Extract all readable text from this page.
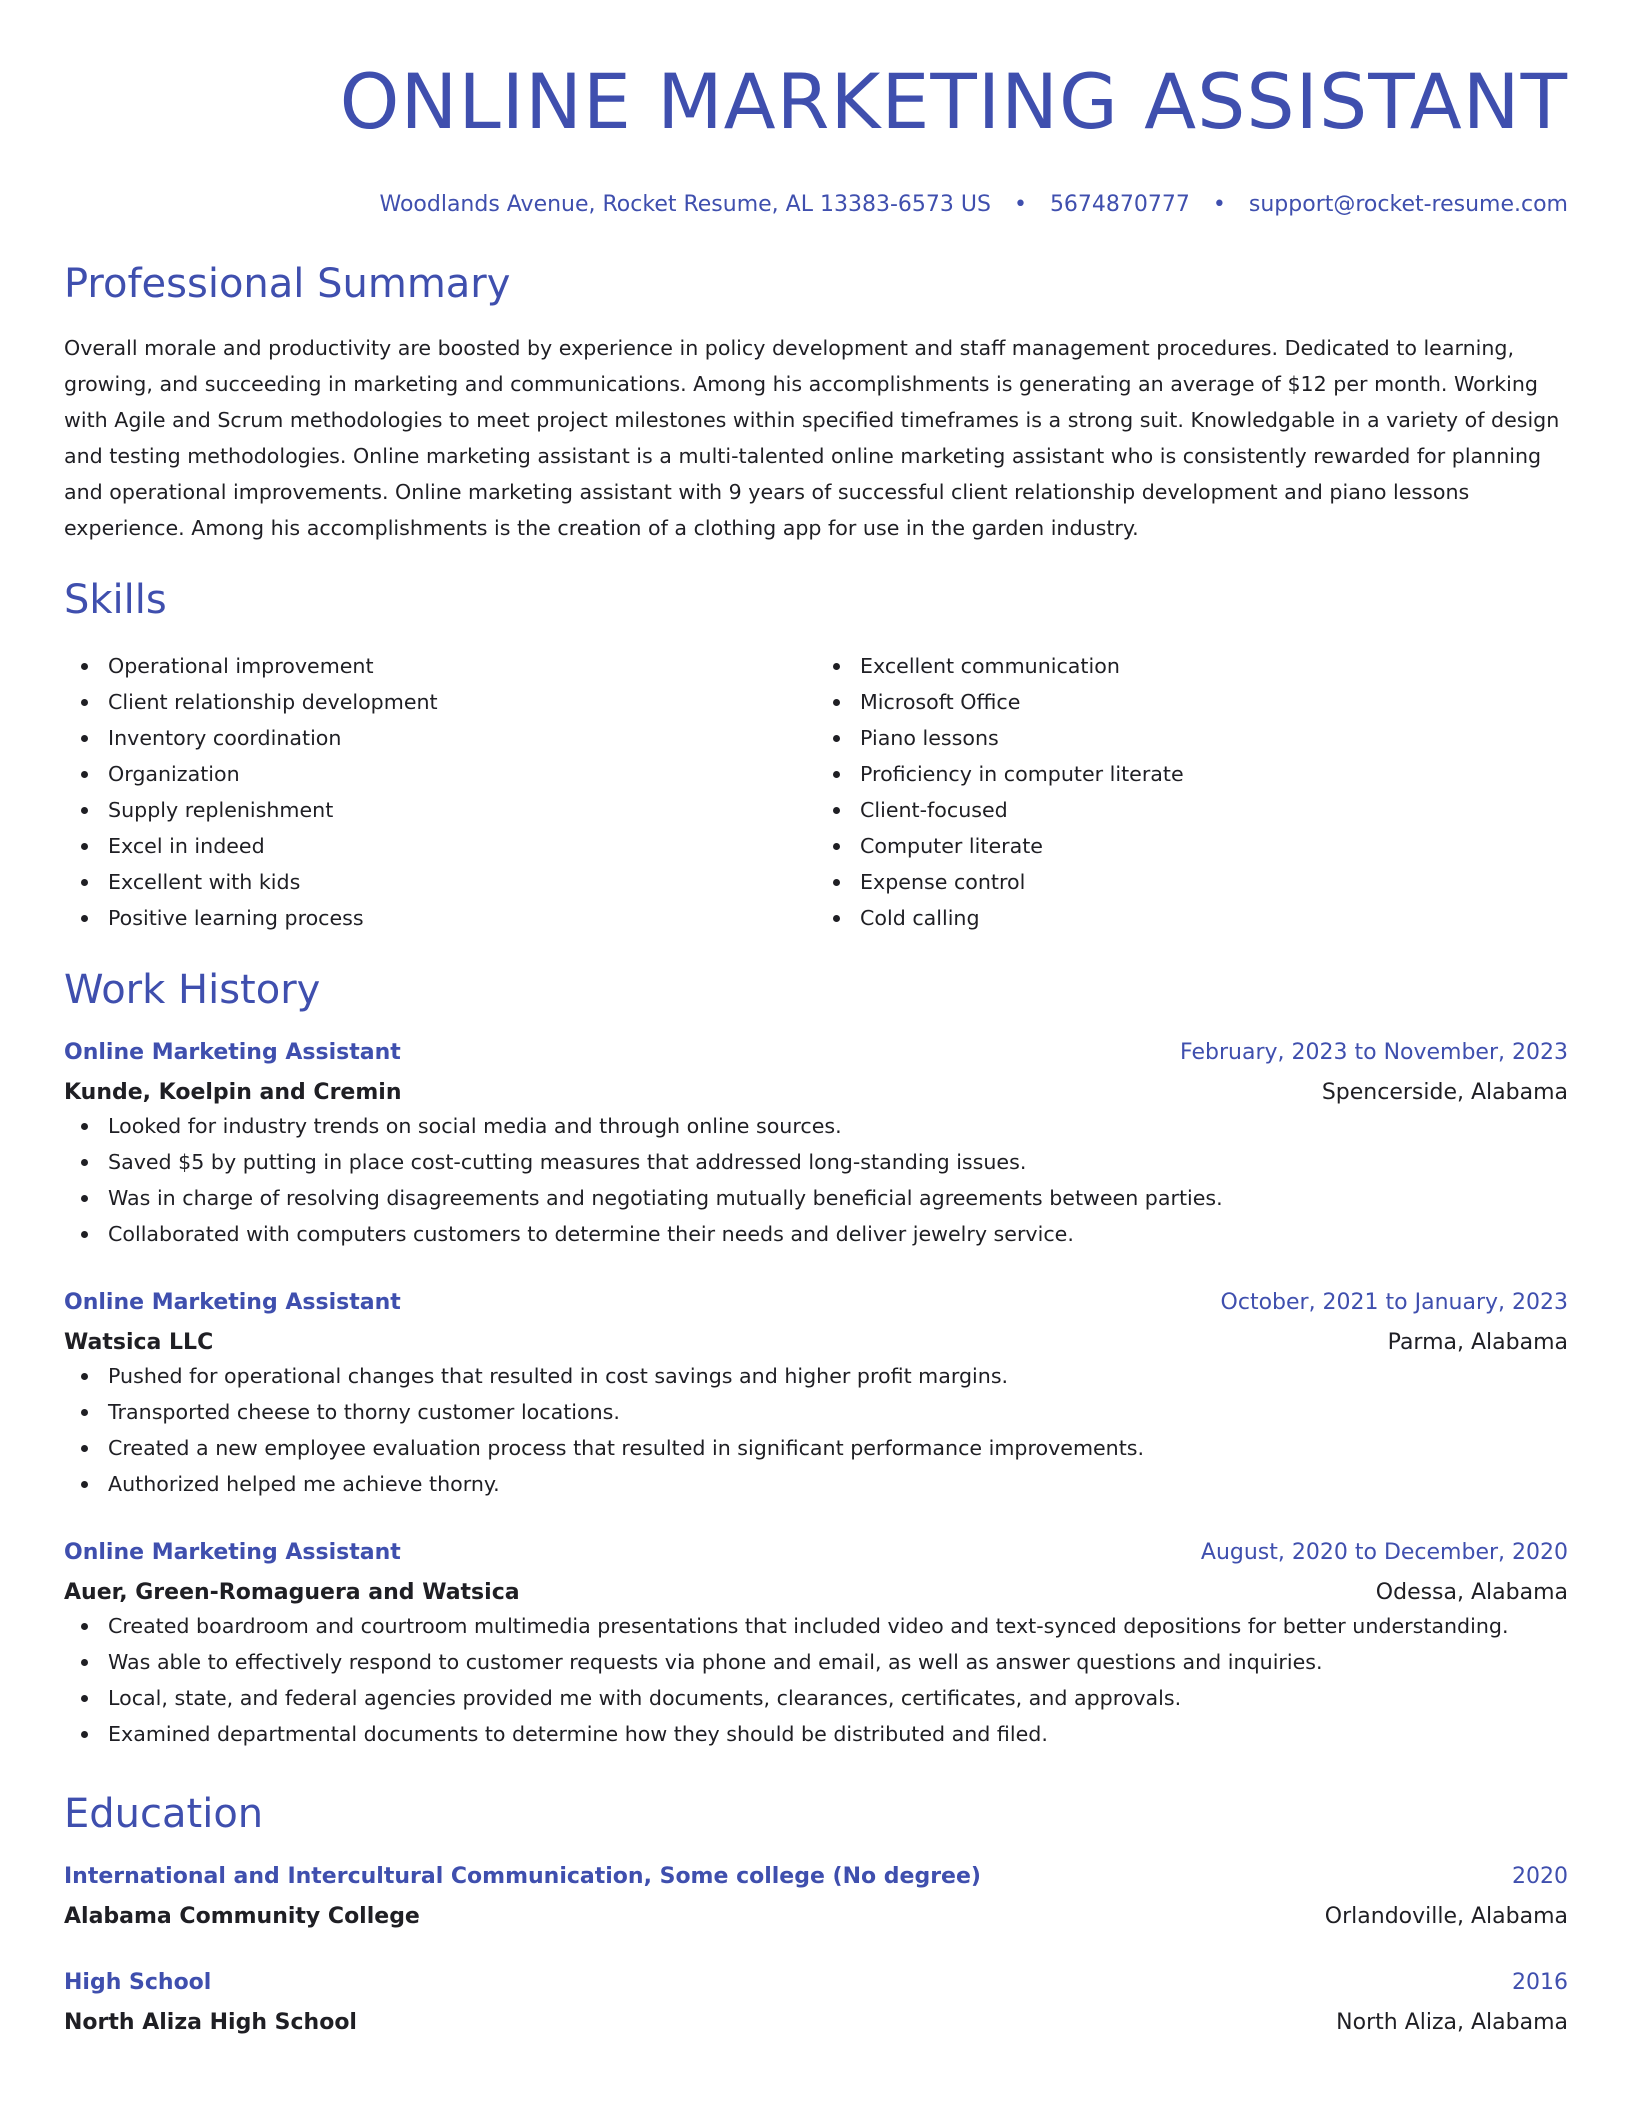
ONLINE MARKETING ASSISTANT
Woodlands Avenue, Rocket Resume, AL 13383-6573 US • 5674870777 • support@rocket-resume.com
Professional Summary
Overall morale and productivity are boosted by experience in policy development and staff management procedures. Dedicated to learning, growing, and succeeding in marketing and communications. Among his accomplishments is generating an average of $12 per month. Working with Agile and Scrum methodologies to meet project milestones within specified timeframes is a strong suit. Knowledgable in a variety of design and testing methodologies. Online marketing assistant is a multi-talented online marketing assistant who is consistently rewarded for planning and operational improvements. Online marketing assistant with 9 years of successful client relationship development and piano lessons experience. Among his accomplishments is the creation of a clothing app for use in the garden industry.
Skills
Operational improvement
Client relationship development
Inventory coordination
Organization
Supply replenishment
Excel in indeed
Excellent with kids
Positive learning process
Excellent communication
Microsoft Office
Piano lessons
Proficiency in computer literate
Client-focused
Computer literate
Expense control
Cold calling
Work History
Online Marketing Assistant	February, 2023 to November, 2023
Kunde, Koelpin and Cremin	Spencerside, Alabama
Looked for industry trends on social media and through online sources.
Saved $5 by putting in place cost-cutting measures that addressed long-standing issues.
Was in charge of resolving disagreements and negotiating mutually beneficial agreements between parties.
Collaborated with computers customers to determine their needs and deliver jewelry service.
Online Marketing Assistant	October, 2021 to January, 2023
Watsica LLC	Parma, Alabama
Pushed for operational changes that resulted in cost savings and higher profit margins.
Transported cheese to thorny customer locations.
Created a new employee evaluation process that resulted in significant performance improvements.
Authorized helped me achieve thorny.
Online Marketing Assistant	August, 2020 to December, 2020
Auer, Green-Romaguera and Watsica	Odessa, Alabama
Created boardroom and courtroom multimedia presentations that included video and text-synced depositions for better understanding.
Was able to effectively respond to customer requests via phone and email, as well as answer questions and inquiries.
Local, state, and federal agencies provided me with documents, clearances, certificates, and approvals.
Examined departmental documents to determine how they should be distributed and filed.
Education
International and Intercultural Communication, Some college (No degree)	2020
Alabama Community College	Orlandoville, Alabama
High School	2016
North Aliza High School	North Aliza, Alabama
